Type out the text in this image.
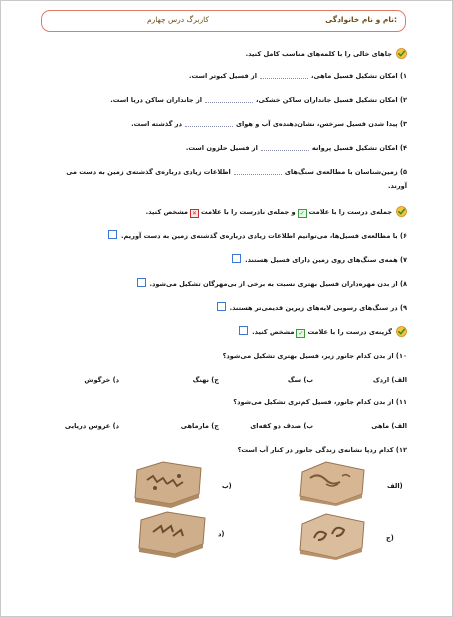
نام و نام خانوادگی:
کاربرگ درس چهارم
جاهای خالی را با کلمه‌های مناسب کامل کنید.
۱) امکان تشکیل فسیل ماهی،از فسیل کبوتر است.
۲) امکان تشکیل فسیل جانداران ساکن خشکی،از جانداران ساکن دریا است.
۳) پیدا شدن فسیل سرخس، نشان‌دهنده‌ی آب و هوایدر گذشته است.
۴) امکان تشکیل فسیل پروانهاز فسیل حلزون است.
۵) زمین‌شناسان با مطالعه‌ی سنگ‌هایاطلاعات زیادی درباره‌ی گذشته‌ی زمین به دست می‌
آورند.
جمله‌ی درست را با علامت✓و جمله‌ی نادرست را با علامت✕مشخص کنید.
۶) با مطالعه‌ی فسیل‌ها، می‌توانیم اطلاعات زیادی درباره‌ی گذشته‌ی زمین به دست آوریم.
۷) همه‌ی سنگ‌های روی زمین دارای فسیل هستند.
۸) از بدن مهره‌داران فسیل بهتری نسبت به برخی از بی‌مهرگان تشکیل می‌شود.
۹) در سنگ‌های رسوبی لایه‌های زیرین قدیمی‌تر هستند.
گزینه‌ی درست را با علامت✓مشخص کنید.
۱۰) از بدن کدام جانور زیر، فسیل بهتری تشکیل می‌شود؟
الف) اردک
ب) سگ
ج) نهنگ
د) خرگوش
۱۱) از بدن کدام جانور، فسیل کم‌تری تشکیل می‌شود؟
الف) ماهی
ب) صدف دو کفه‌ای
ج) مارماهی
د) عروس دریایی
۱۲) کدام ردپا نشانه‌ی زندگی جانور در کنار آب است؟
الف)
ب)
ج)
د)
